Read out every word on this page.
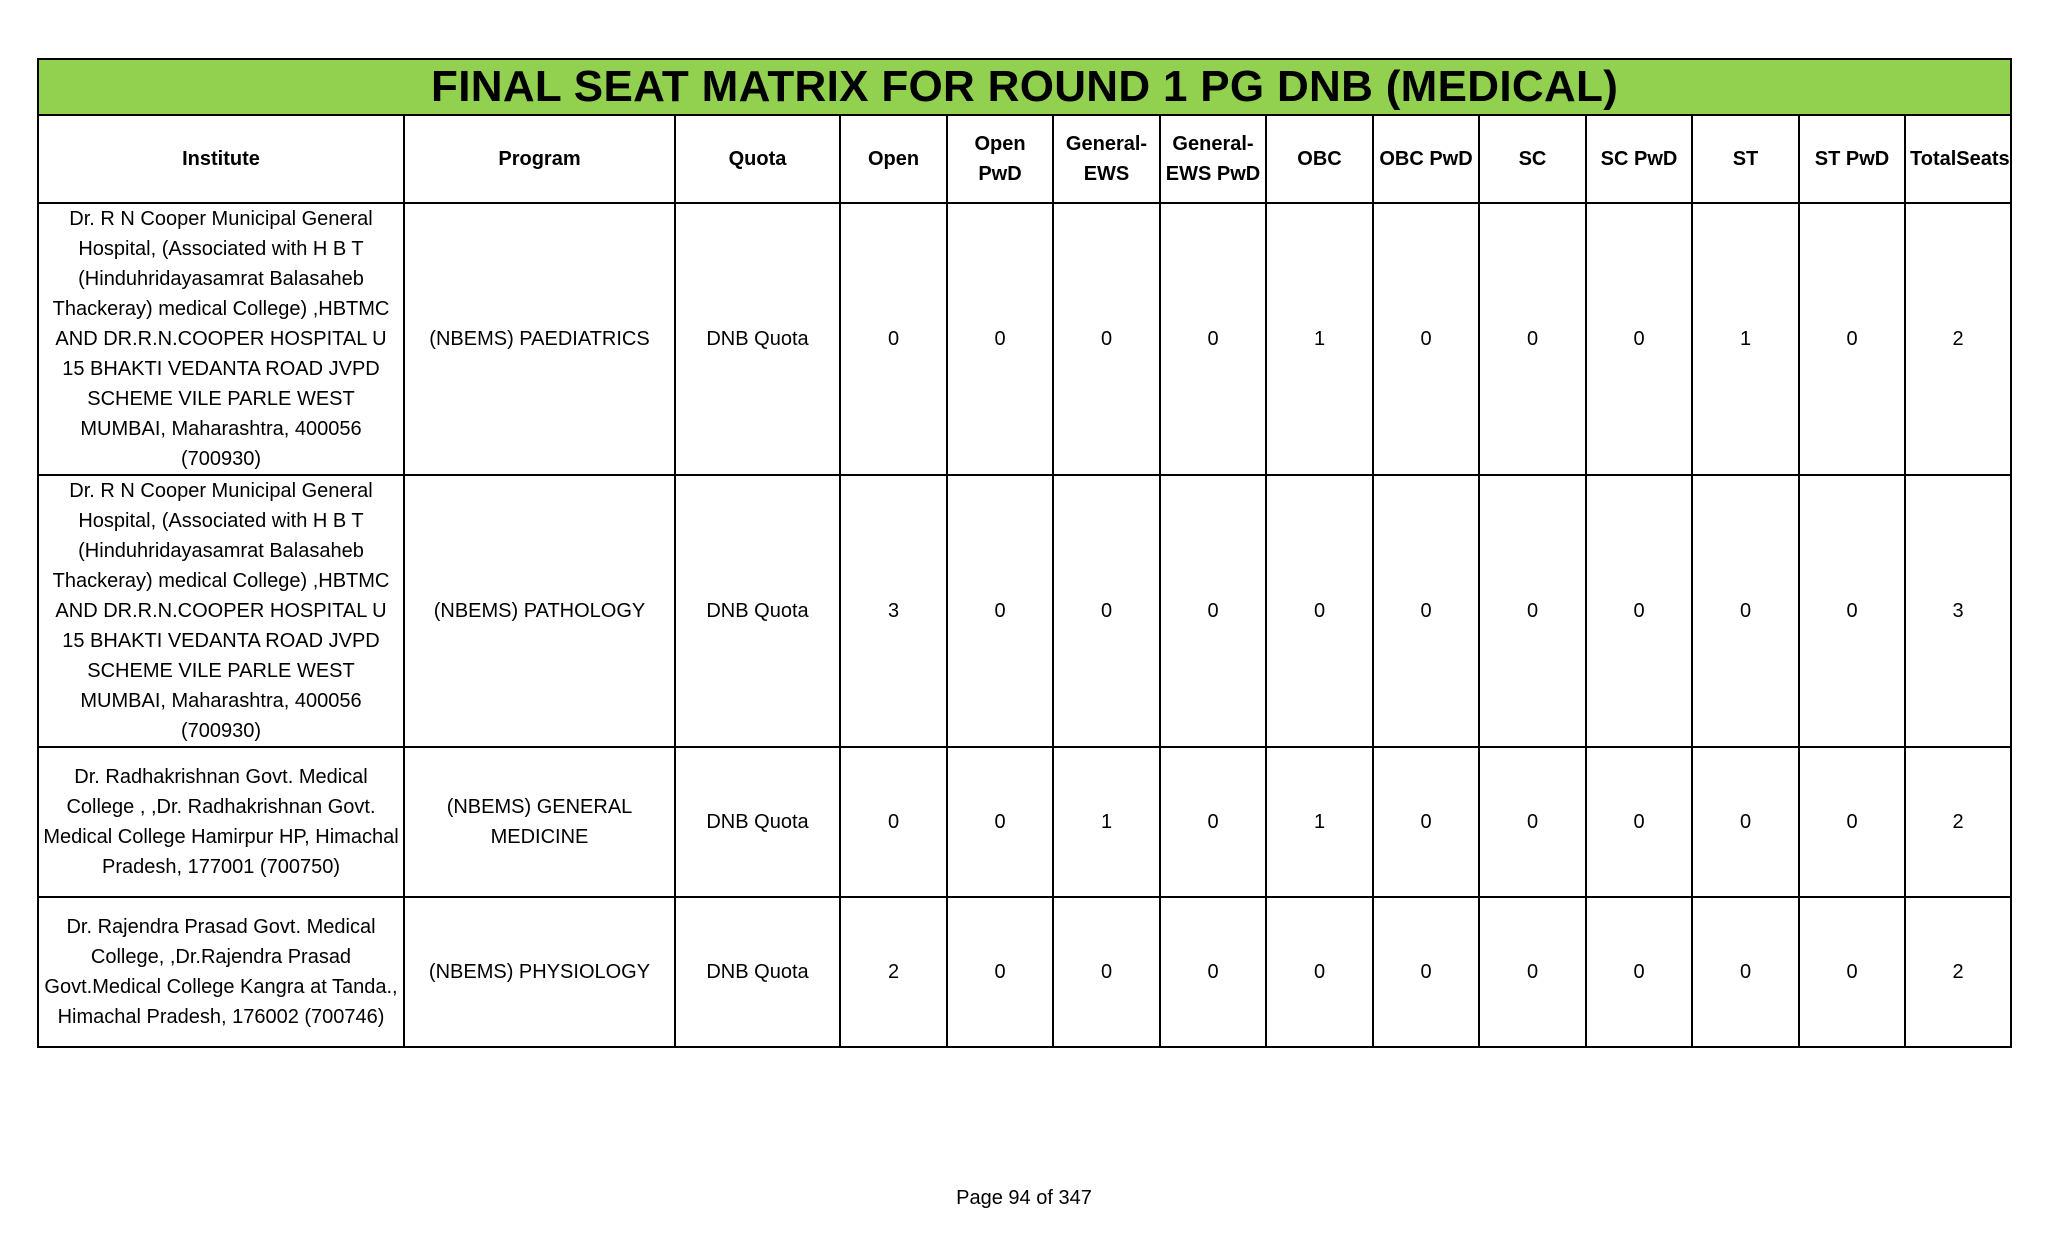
FINAL SEAT MATRIX FOR ROUND 1 PG DNB (MEDICAL)													
Institute	Program	Quota	Open	Open PwD	General-EWS	General-EWS PwD	OBC	OBC PwD	SC	SC PwD	ST	ST PwD	TotalSeats
Dr. R N Cooper Municipal General Hospital, (Associated with H B T (Hinduhridayasamrat Balasaheb Thackeray) medical College) ,HBTMC AND DR.R.N.COOPER HOSPITAL U 15 BHAKTI VEDANTA ROAD JVPD SCHEME VILE PARLE WEST MUMBAI, Maharashtra, 400056 (700930)	(NBEMS) PAEDIATRICS	DNB Quota	0	0	0	0	1	0	0	0	1	0	2
Dr. R N Cooper Municipal General Hospital, (Associated with H B T (Hinduhridayasamrat Balasaheb Thackeray) medical College) ,HBTMC AND DR.R.N.COOPER HOSPITAL U 15 BHAKTI VEDANTA ROAD JVPD SCHEME VILE PARLE WEST MUMBAI, Maharashtra, 400056 (700930)	(NBEMS) PATHOLOGY	DNB Quota	3	0	0	0	0	0	0	0	0	0	3
Dr. Radhakrishnan Govt. Medical College , ,Dr. Radhakrishnan Govt. Medical College Hamirpur HP, Himachal Pradesh, 177001 (700750)	(NBEMS) GENERAL MEDICINE	DNB Quota	0	0	1	0	1	0	0	0	0	0	2
Dr. Rajendra Prasad Govt. Medical College, ,Dr.Rajendra Prasad Govt.Medical College Kangra at Tanda., Himachal Pradesh, 176002 (700746)	(NBEMS) PHYSIOLOGY	DNB Quota	2	0	0	0	0	0	0	0	0	0	2
Page 94 of 347
